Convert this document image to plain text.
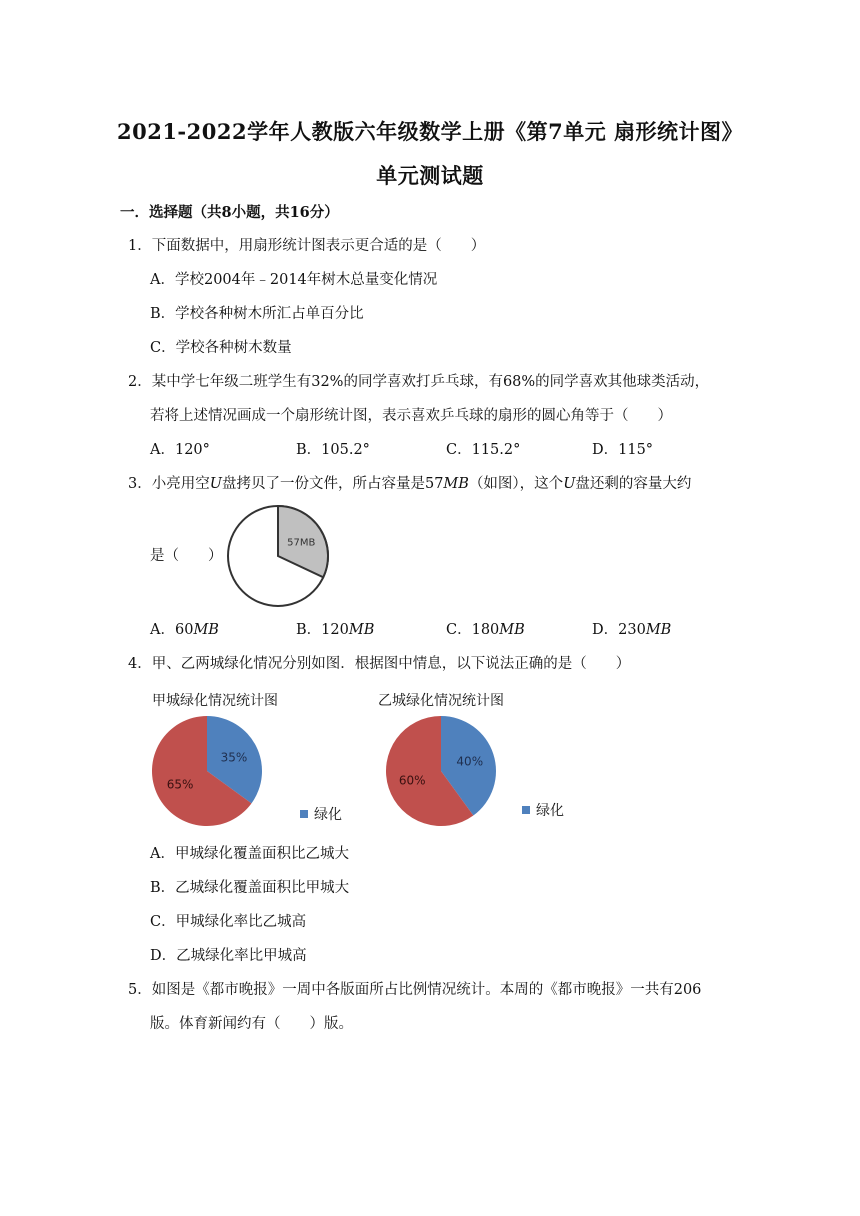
2021-2022学年人教版六年级数学上册《第7单元 扇形统计图》
单元测试题
一．选择题（共8小题，共16分）
1．下面数据中，用扇形统计图表示更合适的是（　　）
A．学校2004年﹣2014年树木总量变化情况
B．学校各种树木所汇占单百分比
C．学校各种树木数量
2．某中学七年级二班学生有32%的同学喜欢打乒乓球，有68%的同学喜欢其他球类活动，
若将上述情况画成一个扇形统计图，表示喜欢乒乓球的扇形的圆心角等于（　　）
A．120°	B．105.2°	C．115.2°	D．115°
3．小亮用空U盘拷贝了一份文件，所占容量是57MB（如图），这个U盘还剩的容量大约
是（　　）
57MB
A．60MB	B．120MB	C．180MB	D．230MB
4．甲、乙两城绿化情况分别如图．根据图中情息，以下说法正确的是（　　）
甲城绿化情况统计图
35%
65%
绿化
乙城绿化情况统计图
40%
60%
绿化
A．甲城绿化覆盖面积比乙城大
B．乙城绿化覆盖面积比甲城大
C．甲城绿化率比乙城高
D．乙城绿化率比甲城高
5．如图是《都市晚报》一周中各版面所占比例情况统计。本周的《都市晚报》一共有206
版。体育新闻约有（　　）版。
